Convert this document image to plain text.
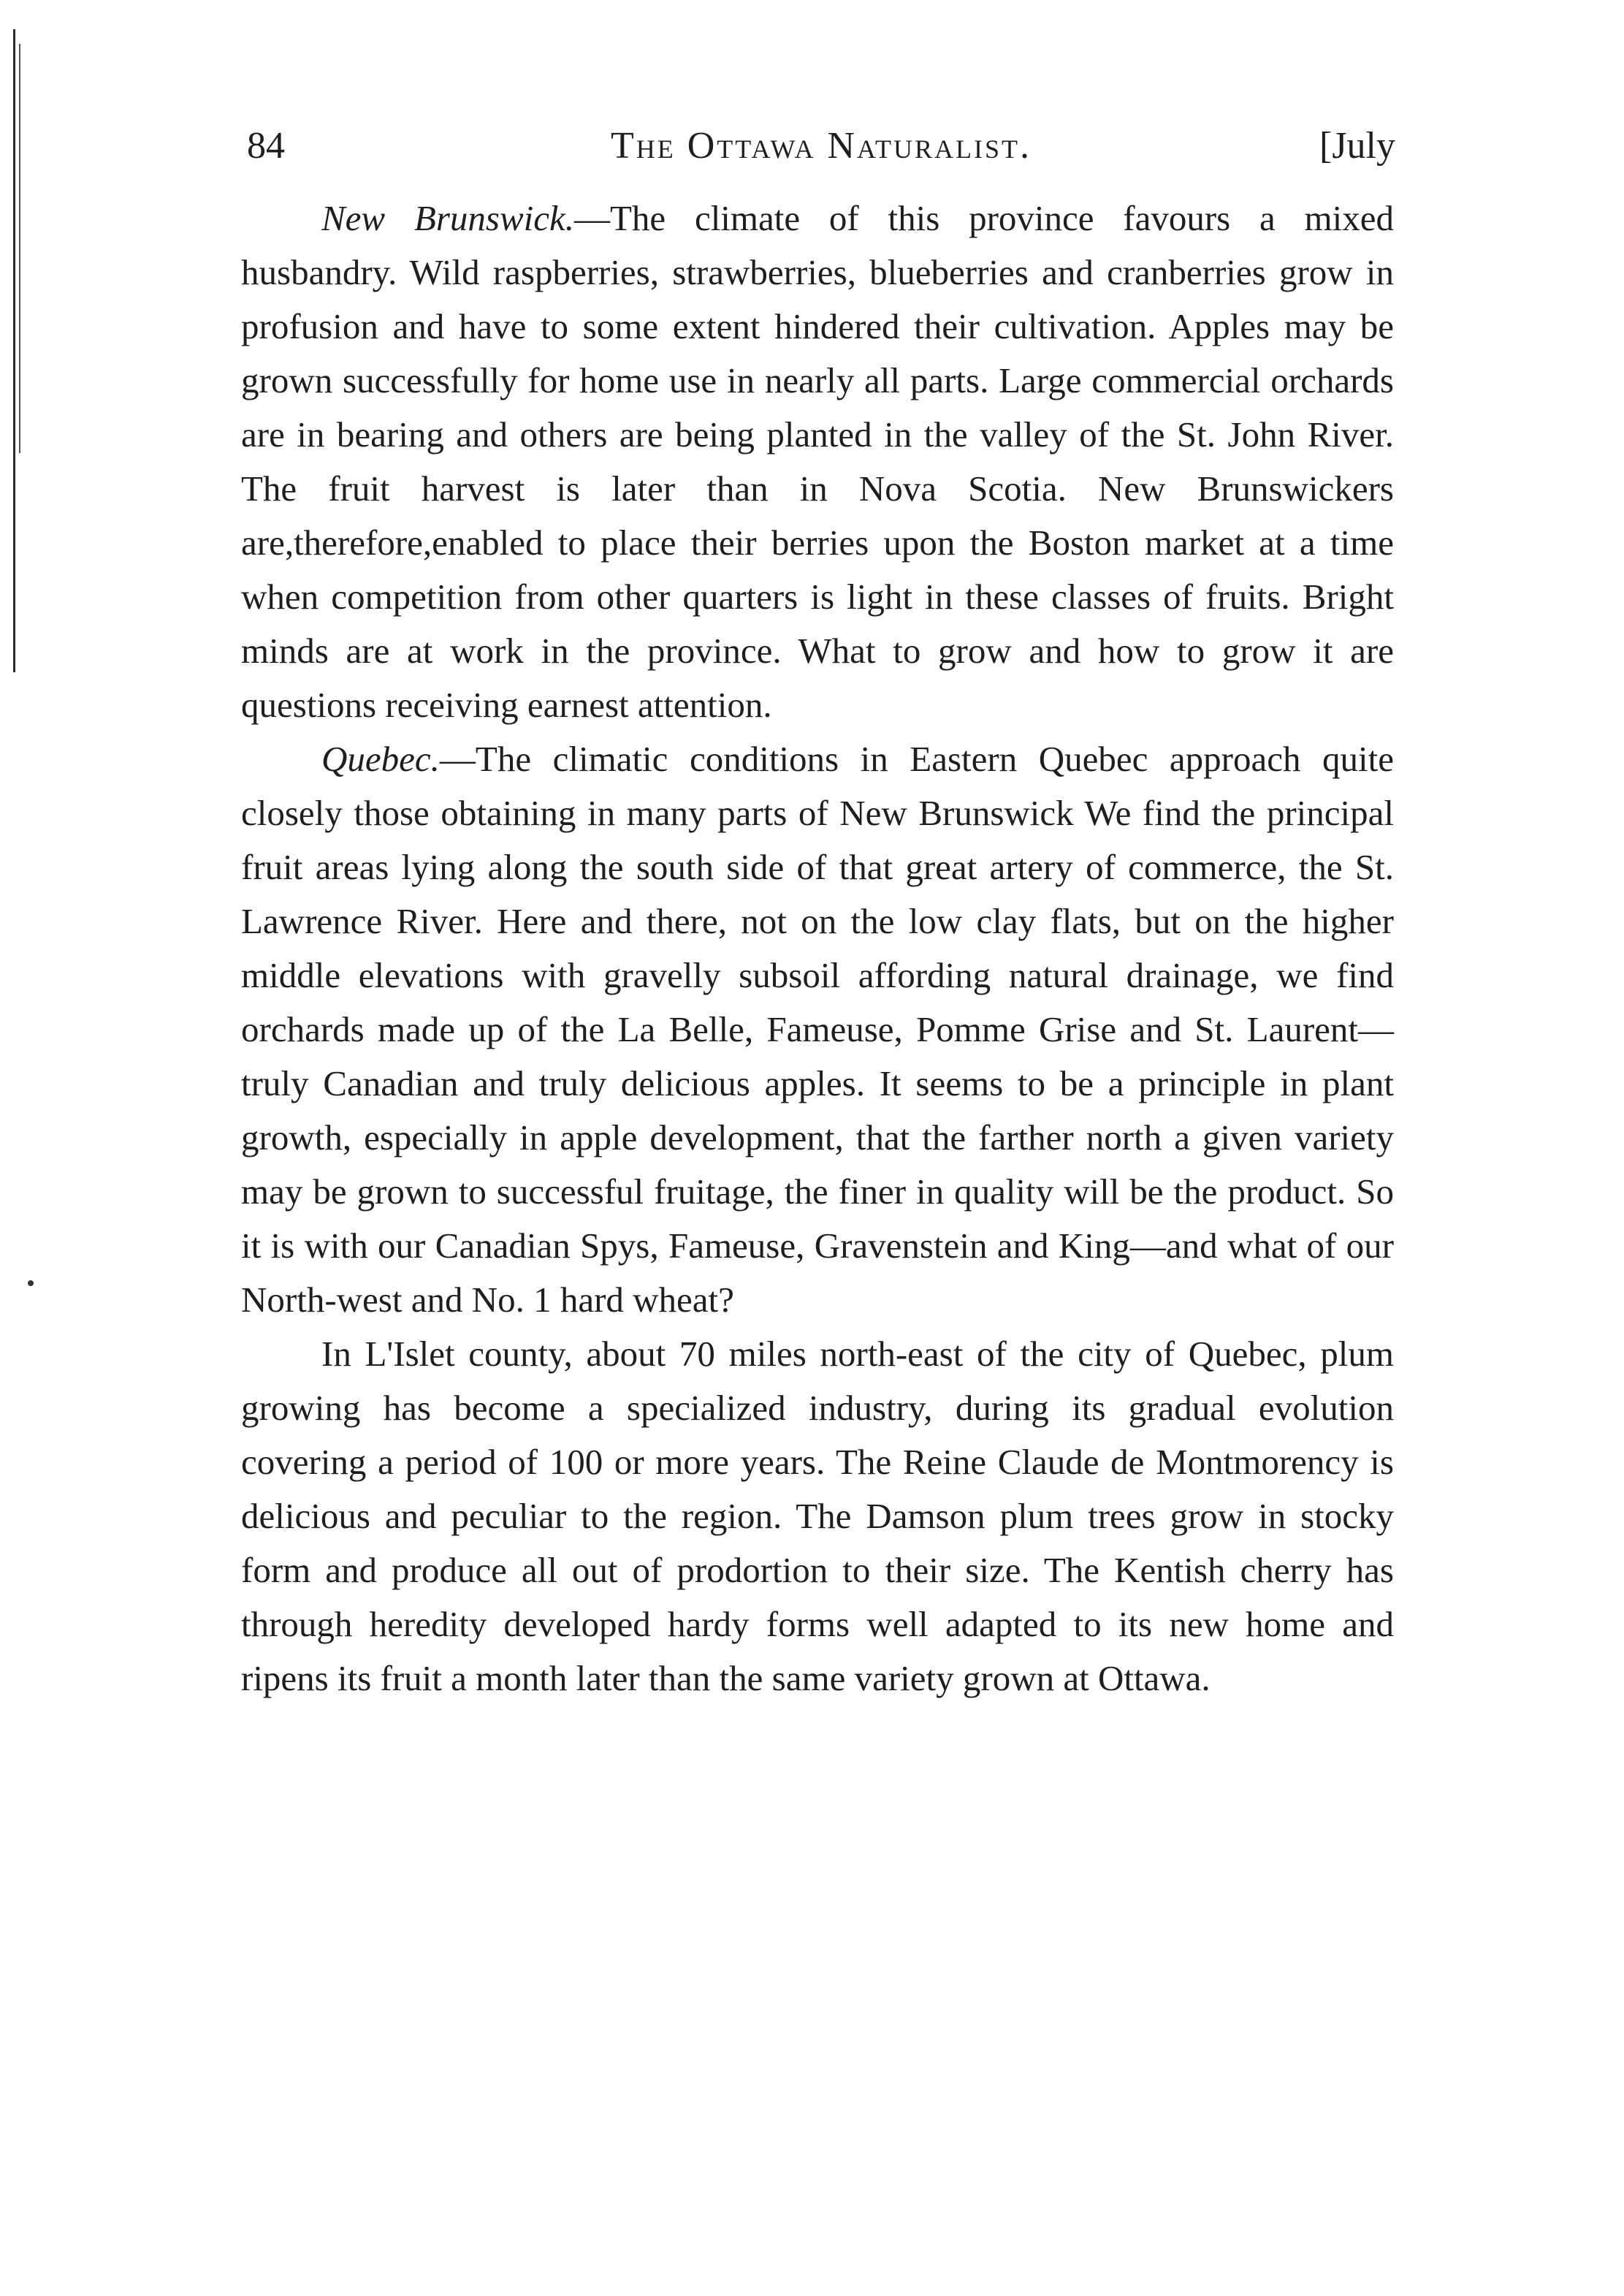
84	The Ottawa Naturalist.	[July

New Brunswick.—The climate of this province favours a mixed husbandry. Wild raspberries, strawberries, blueberries and cranberries grow in profusion and have to some extent hindered their cultivation. Apples may be grown successfully for home use in nearly all parts. Large commercial orchards are in bearing and others are being planted in the valley of the St. John River. The fruit harvest is later than in Nova Scotia. New Brunswickers are,therefore,enabled to place their berries upon the Boston market at a time when competition from other quarters is light in these classes of fruits. Bright minds are at work in the province. What to grow and how to grow it are questions receiving earnest attention.

Quebec.—The climatic conditions in Eastern Quebec approach quite closely those obtaining in many parts of New Brunswick We find the principal fruit areas lying along the south side of that great artery of commerce, the St. Lawrence River. Here and there, not on the low clay flats, but on the higher middle elevations with gravelly subsoil affording natural drainage, we find orchards made up of the La Belle, Fameuse, Pomme Grise and St. Laurent—truly Canadian and truly delicious apples. It seems to be a principle in plant growth, especially in apple development, that the farther north a given variety may be grown to successful fruitage, the finer in quality will be the product. So it is with our Canadian Spys, Fameuse, Gravenstein and King—and what of our North-west and No. 1 hard wheat?

In L'Islet county, about 70 miles north-east of the city of Quebec, plum growing has become a specialized industry, during its gradual evolution covering a period of 100 or more years. The Reine Claude de Montmorency is delicious and peculiar to the region. The Damson plum trees grow in stocky form and produce all out of prodortion to their size. The Kentish cherry has through heredity developed hardy forms well adapted to its new home and ripens its fruit a month later than the same variety grown at Ottawa.
